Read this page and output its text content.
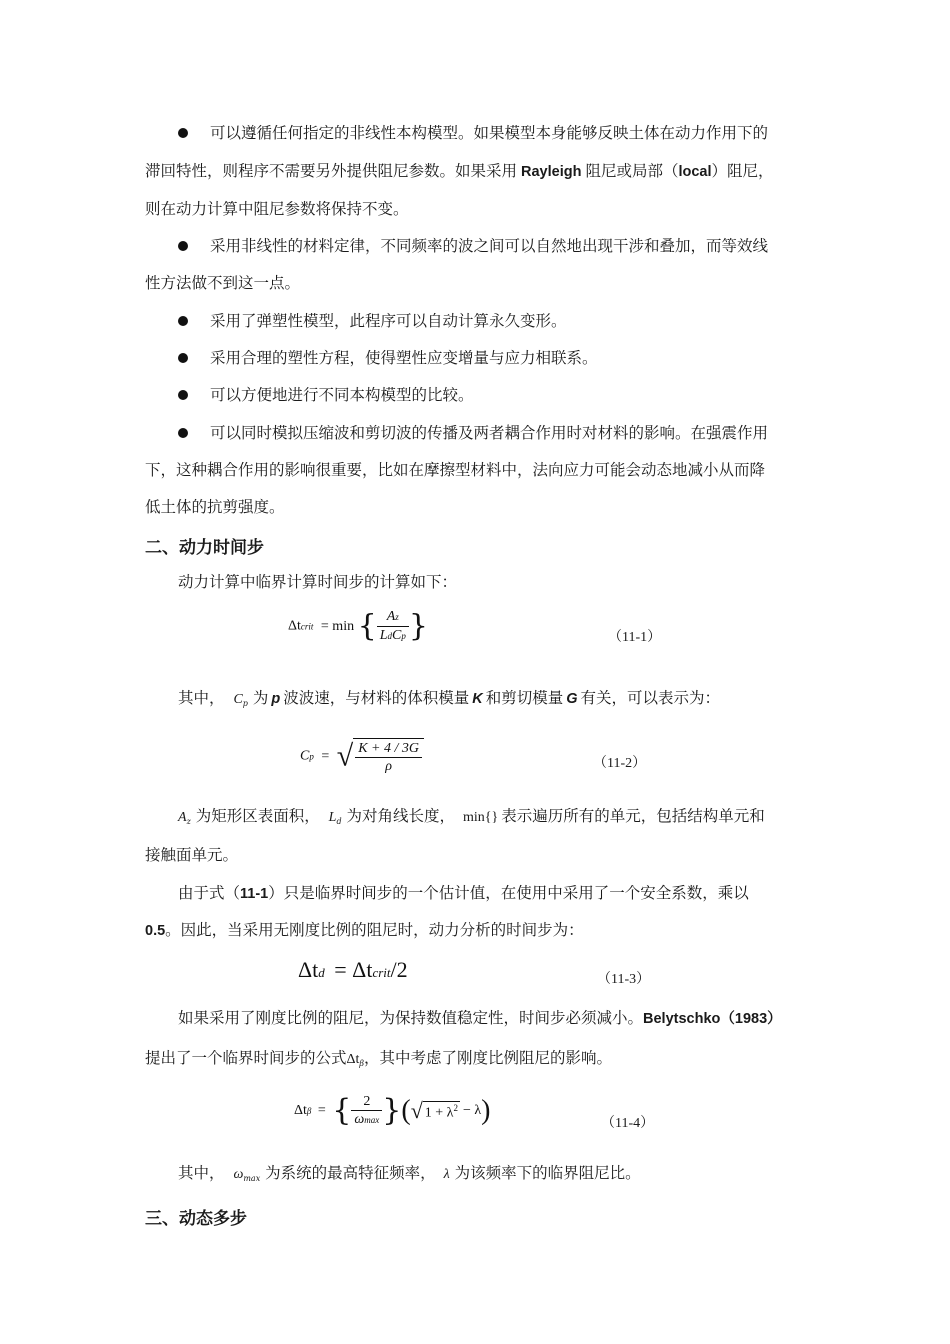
可以遵循任何指定的非线性本构模型。如果模型本身能够反映土体在动力作用下的
滞回特性，则程序不需要另外提供阻尼参数。如果采用 Rayleigh 阻尼或局部（local）阻尼，
则在动力计算中阻尼参数将保持不变。
采用非线性的材料定律，不同频率的波之间可以自然地出现干涉和叠加，而等效线
性方法做不到这一点。
采用了弹塑性模型，此程序可以自动计算永久变形。
采用合理的塑性方程，使得塑性应变增量与应力相联系。
可以方便地进行不同本构模型的比较。
可以同时模拟压缩波和剪切波的传播及两者耦合作用时对材料的影响。在强震作用
下，这种耦合作用的影响很重要，比如在摩擦型材料中，法向应力可能会动态地减小从而降
低土体的抗剪强度。
二、动力时间步
动力计算中临界计算时间步的计算如下：
Δtcrit = min { $\frac{Az}{\text{LdCp}}$ }	（11-1）
其中， Cp 为 p 波波速，与材料的体积模量 K 和剪切模量 G 有关，可以表示为：
Cp = √ $\frac{K + 4 / 3G}{\rho}$	（11-2）
Az 为矩形区表面积， Ld 为对角线长度， min{} 表示遍历所有的单元，包括结构单元和
接触面单元。
由于式（11-1）只是临界时间步的一个估计值，在使用中采用了一个安全系数，乘以
0.5。因此，当采用无刚度比例的阻尼时，动力分析的时间步为：
Δtd = Δtcrit/2	（11-3）
如果采用了刚度比例的阻尼，为保持数值稳定性，时间步必须减小。Belytschko（1983）
提出了一个临界时间步的公式Δtβ，其中考虑了刚度比例阻尼的影响。
Δtβ = { $\frac{2}{\omega\max}$ }(√ $1 + \lambda^2 - \lambda$)	（11-4）
其中， ωmax 为系统的最高特征频率， λ 为该频率下的临界阻尼比。
三、动态多步
